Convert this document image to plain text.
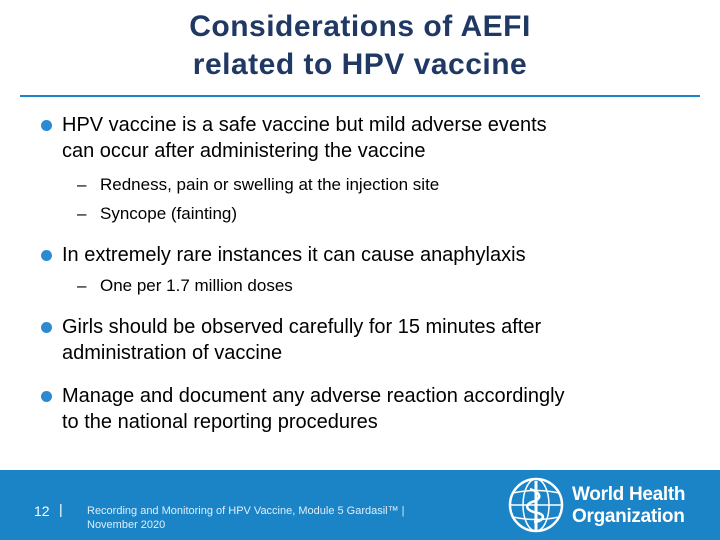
Considerations of AEFI
related to HPV vaccine
HPV vaccine is a safe vaccine but mild adverse events
can occur after administering the vaccine
– Redness, pain or swelling at the injection site
– Syncope (fainting)
In extremely rare instances it can cause anaphylaxis
– One per 1.7 million doses
Girls should be observed carefully for 15 minutes after
administration of vaccine
Manage and document any adverse reaction accordingly
to the national reporting procedures
12 | Recording and Monitoring of HPV Vaccine, Module 5 Gardasil™ |
November 2020
World Health
Organization
